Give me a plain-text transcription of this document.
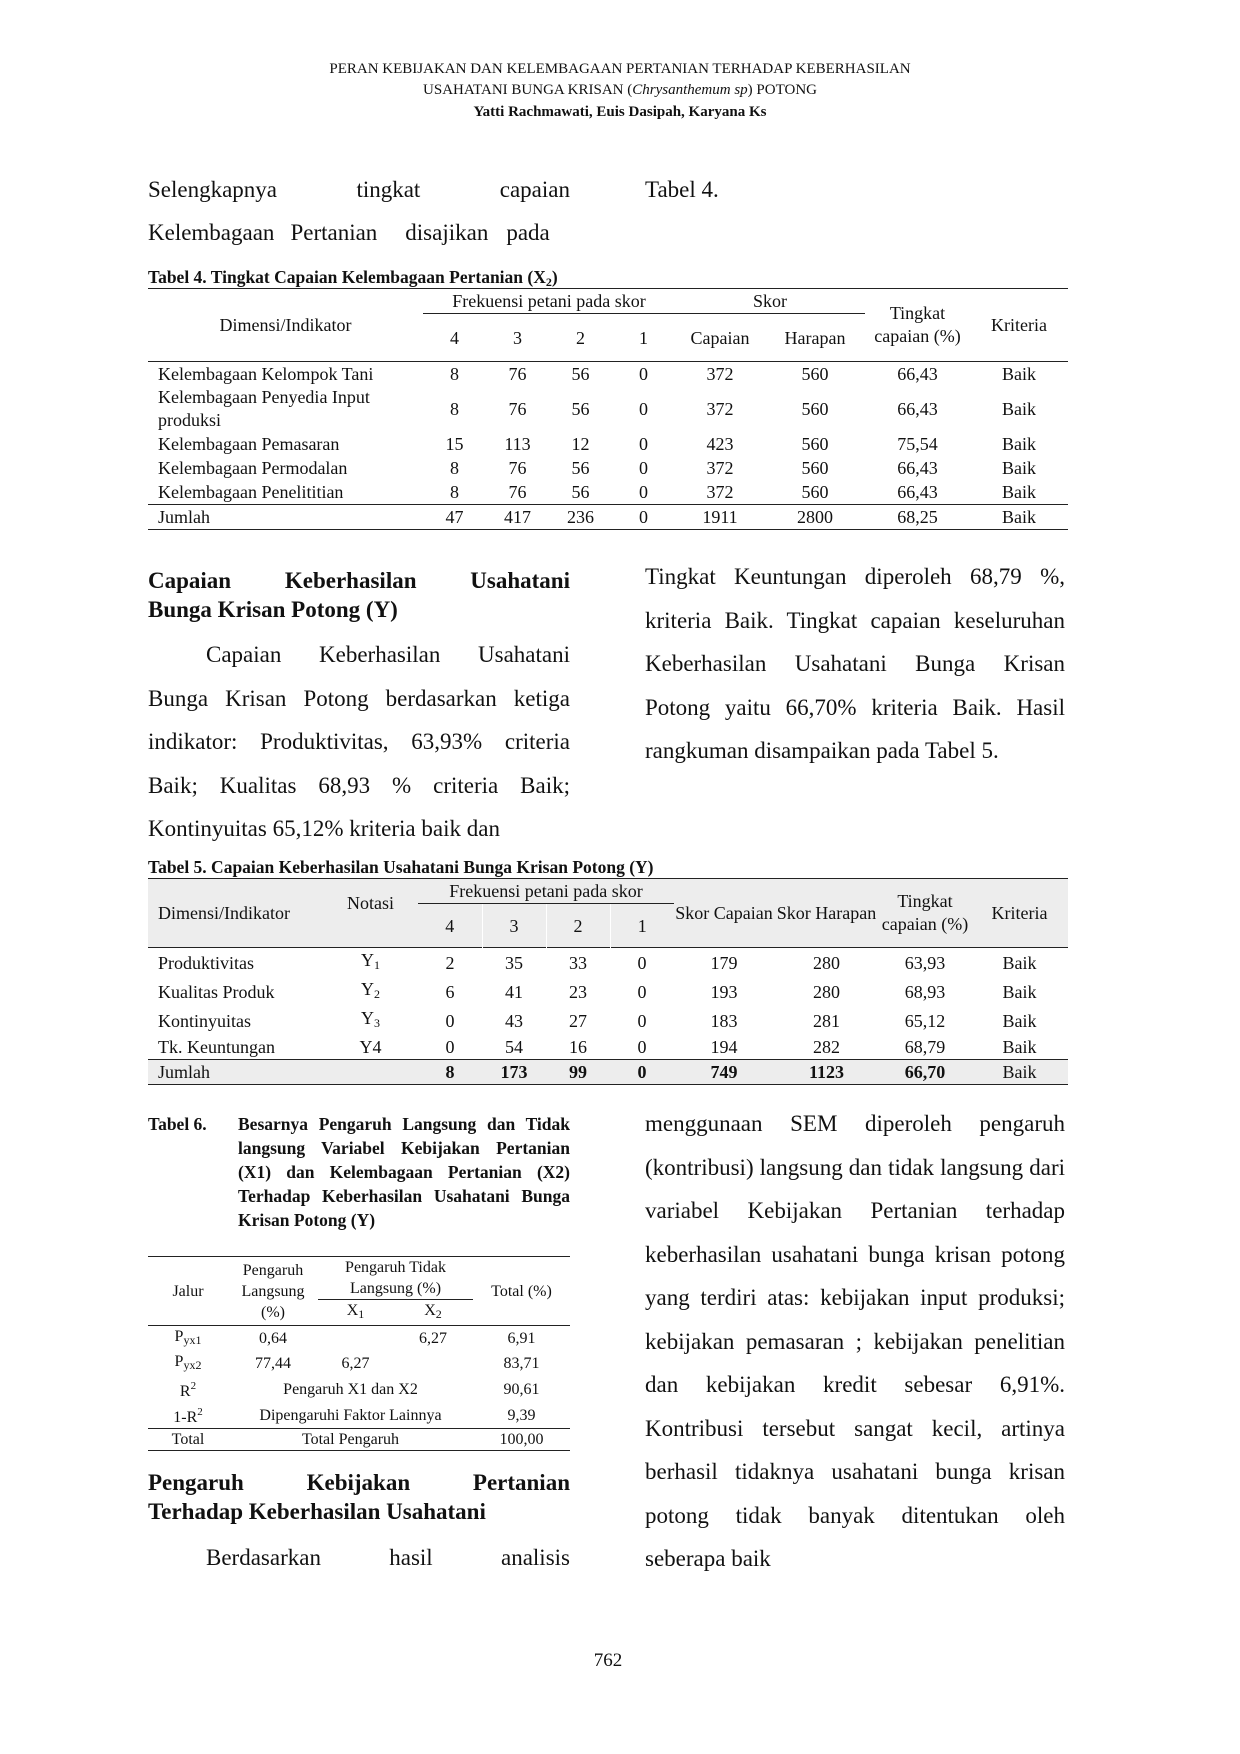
PERAN KEBIJAKAN DAN KELEMBAGAAN PERTANIAN TERHADAP KEBERHASILAN
USAHATANI BUNGA KRISAN (Chrysanthemum sp) POTONG
Yatti Rachmawati, Euis Dasipah, Karyana Ks
Selengkapnya	tingkat	capaian
Kelembagaan Pertanian disajikan pada
Tabel 4.
Tabel 4. Tingkat Capaian Kelembagaan Pertanian $(X_2)$
Dimensi/Indikator	Frekuensi petani pada skor				Skor		Tingkat capaian (%)	Kriteria
	4	3	2	1	Capaian	Harapan		
Kelembagaan Kelompok Tani	8	76	56	0	372	560	66,43	Baik
Kelembagaan Penyedia Input produksi	8	76	56	0	372	560	66,43	Baik
Kelembagaan Pemasaran	15	113	12	0	423	560	75,54	Baik
Kelembagaan Permodalan	8	76	56	0	372	560	66,43	Baik
Kelembagaan Penelititian	8	76	56	0	372	560	66,43	Baik
Jumlah	47	417	236	0	1911	2800	68,25	Baik
Capaian Keberhasilan Usahatani
Bunga Krisan Potong (Y)
Capaian Keberhasilan Usahatani Bunga Krisan Potong berdasarkan ketiga indikator: Produktivitas, 63,93% criteria Baik; Kualitas 68,93 % criteria Baik; Kontinyuitas 65,12% kriteria baik dan
Tingkat Keuntungan diperoleh 68,79 %, kriteria Baik. Tingkat capaian keseluruhan Keberhasilan Usahatani Bunga Krisan Potong yaitu 66,70% kriteria Baik. Hasil rangkuman disampaikan pada Tabel 5.
Tabel 5. Capaian Keberhasilan Usahatani Bunga Krisan Potong (Y)
Dimensi/Indikator	Notasi	Frekuensi petani pada skor				Skor Capaian	Skor Harapan	Tingkat capaian (%)	Kriteria
		4	3	2	1				
Produktivitas	$Y_1$	2	35	33	0	179	280	63,93	Baik
Kualitas Produk	$Y_2$	6	41	23	0	193	280	68,93	Baik
Kontinyuitas	$Y_3$	0	43	27	0	183	281	65,12	Baik
Tk. Keuntungan	Y4	0	54	16	0	194	282	68,79	Baik
Jumlah		8	173	99	0	749	1123	66,70	Baik
Tabel 6.	Besarnya Pengaruh Langsung dan Tidak langsung Variabel Kebijakan Pertanian (X1) dan Kelembagaan Pertanian (X2) Terhadap Keberhasilan Usahatani Bunga Krisan Potong (Y)
Jalur	Pengaruh Langsung (%)	Pengaruh Tidak Langsung (%)		Total (%)
		$X_1$	$X_2$
$P_{yx1}$	0,64		6,27	6,91
$P_{yx2}$	77,44	6,27		83,71
$R^2$	Pengaruh X1 dan X2			90,61
$1-R^2$	Dipengaruhi Faktor Lainnya			9,39
Total	Total Pengaruh			100,00
Pengaruh Kebijakan Pertanian
Terhadap Keberhasilan Usahatani
Berdasarkan	hasil	analisis
menggunaan SEM diperoleh pengaruh (kontribusi) langsung dan tidak langsung dari variabel Kebijakan Pertanian terhadap keberhasilan usahatani bunga krisan potong yang terdiri atas: kebijakan input produksi; kebijakan pemasaran ; kebijakan penelitian dan kebijakan kredit sebesar 6,91%. Kontribusi tersebut sangat kecil, artinya berhasil tidaknya usahatani bunga krisan potong tidak banyak ditentukan oleh seberapa baik
762
